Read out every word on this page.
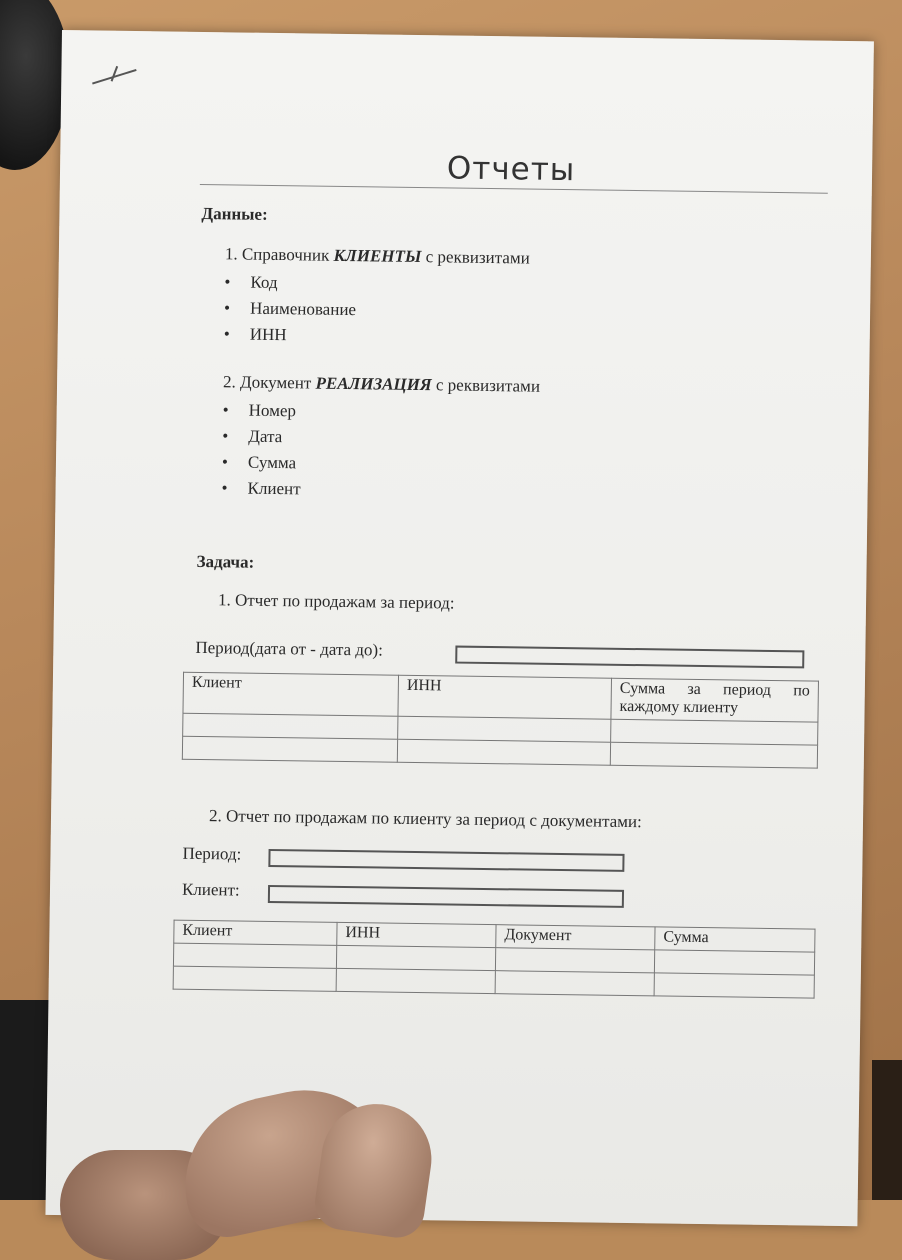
Отчеты
Данные:
1. Справочник КЛИЕНТЫ с реквизитами
• Код
• Наименование
• ИНН
2. Документ РЕАЛИЗАЦИЯ с реквизитами
• Номер
• Дата
• Сумма
• Клиент
Задача:
1. Отчет по продажам за период:
Период(дата от - дата до):
Клиент	ИНН	Сумма за период по каждому клиенту

2. Отчет по продажам по клиенту за период с документами:
Период:
Клиент:
Клиент	ИНН	Документ	Сумма
